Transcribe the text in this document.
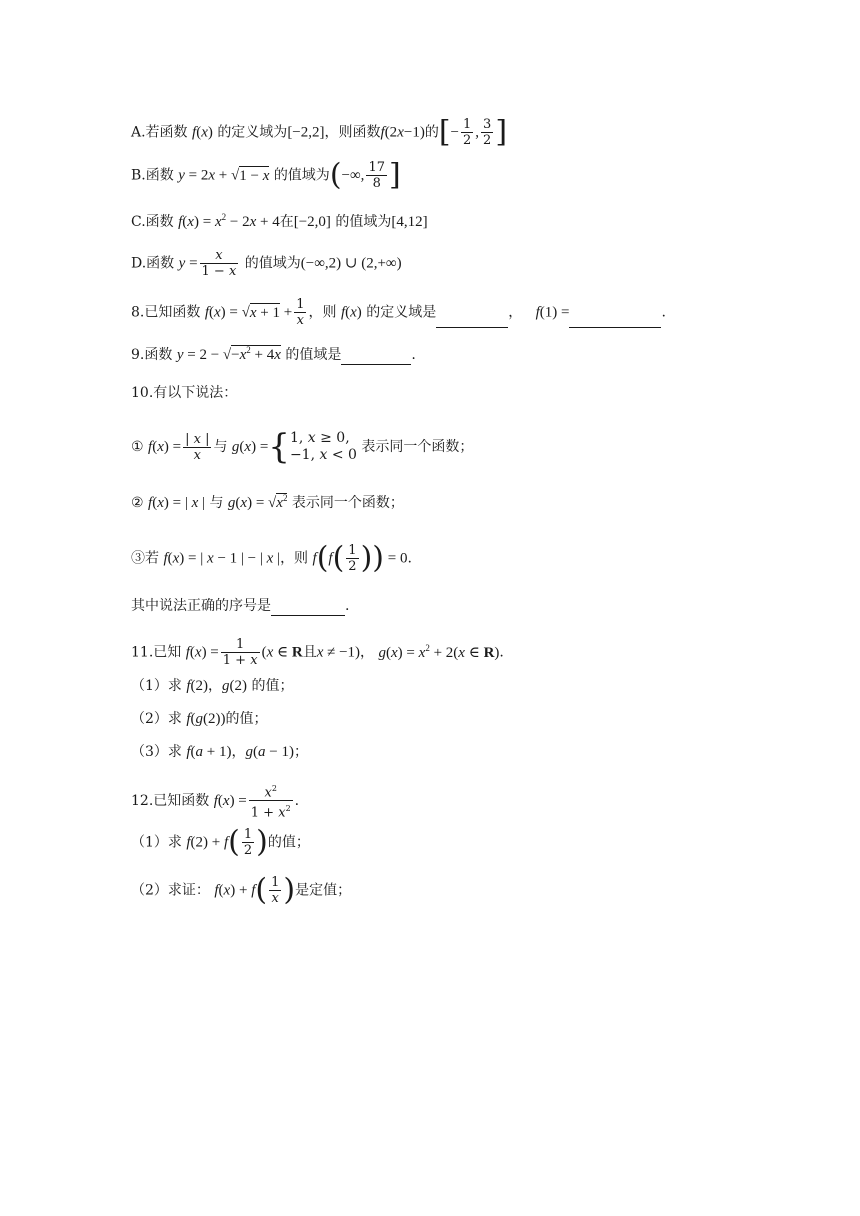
A.若函数 f(x) 的定义域为[−2,2]，则函数f(2x−1)的[− $\frac{1}{2}$ , $\frac{3}{2}$ ]
B.函数 y = 2x + √1 − x 的值域为(−∞, $\frac{17}{8}$ ]
C.函数 $f(x) = x^2 - 2x + 4$在[−2,0] 的值域为[4,12]
D.函数 $y = \frac{x}{1 - x}$ 的值域为(−∞,2) ∪ (2,+∞)
8.已知函数 $f(x) = √x + 1 + \frac{1}{x}$ ，则 f(x) 的定义域是	， f(1) =	.
9.函数 $y = 2 - √-x^2 + 4x$ 的值域是	.
10.有以下说法：
① $f(x) = \frac{| x |}{x}$ 与 g(x) ={ 1, x ≥ 0,
−1, x < 0 表示同一个函数；
② f(x) = | x | 与 $g(x) = √x^2$ 表示同一个函数；
③若 f(x) = | x − 1 | − | x |，则 $f(f( \frac{1}{2}$ )) = 0.
其中说法正确的序号是	.
11.已知 $f(x) = \frac{1}{1 + x} (x$ ∈ R且x ≠ −1)， $g(x) = x^2 + 2(x$ ∈ R).
（1）求 f(2)，g(2) 的值；
（2）求 f(g(2))的值；
（3）求 f(a + 1)，g(a − 1)；
12.已知函数 $f(x) = \frac{x^2}{1 + x^2}$ .
（1）求 $f(2) + f( \frac{1}{2}$ )的值；
（2）求证： $f(x) + f( \frac{1}{x}$ )是定值；
